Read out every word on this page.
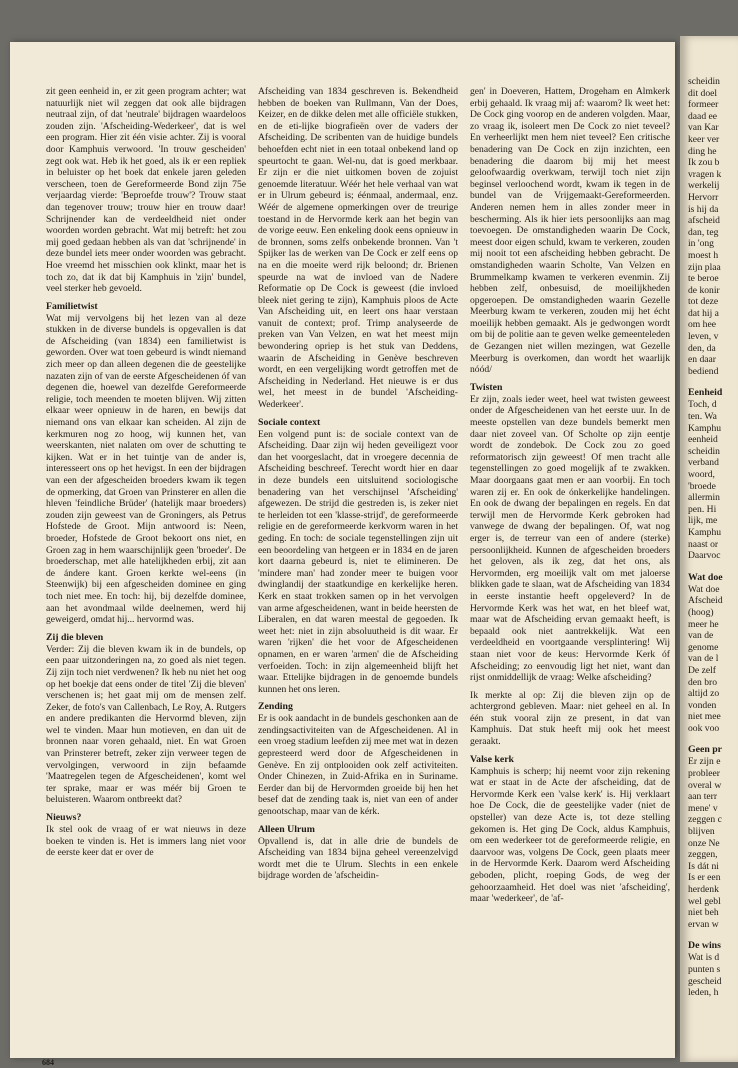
zit geen eenheid in, er zit geen program achter; wat natuurlijk niet wil zeggen dat ook alle bijdragen neutraal zijn, of dat 'neutrale' bijdragen waardeloos zouden zijn. 'Afscheiding-Wederkeer', dat is wel een program. Hier zit één visie achter. Zij is vooral door Kamphuis verwoord. 'In trouw gescheiden' zegt ook wat. Heb ik het goed, als ik er een repliek in beluister op het boek dat enkele jaren geleden verscheen, toen de Gereformeerde Bond zijn 75e verjaardag vierde: 'Beproefde trouw'? Trouw staat dan tegenover trouw; trouw hier en trouw daar! Schrijnender kan de verdeeldheid niet onder woorden worden gebracht. Wat mij betreft: het zou mij goed gedaan hebben als van dat 'schrijnende' in deze bundel iets meer onder woorden was gebracht. Hoe vreemd het misschien ook klinkt, maar het is toch zo, dat ik dat bij Kamphuis in 'zijn' bundel, veel sterker heb gevoeld.

Familietwist

Wat mij vervolgens bij het lezen van al deze stukken in de diverse bundels is opgevallen is dat de Afscheiding (van 1834) een familietwist is geworden. Over wat toen gebeurd is windt niemand zich meer op dan alleen degenen die de geestelijke nazaten zijn of van de eerste Afgescheidenen óf van degenen die, hoewel van dezelfde Gereformeerde religie, toch meenden te moeten blijven. Wij zitten elkaar weer opnieuw in de haren, en bewijs dat niemand ons van elkaar kan scheiden. Al zijn de kerkmuren nog zo hoog, wij kunnen het, van weerskanten, niet nalaten om over de schutting te kijken. Wat er in het tuintje van de ander is, interesseert ons op het hevigst. In een der bijdragen van een der afgescheiden broeders kwam ik tegen de opmerking, dat Groen van Prinsterer en allen die hleven 'feindliche Brüder' (hatelijk maar broeders) zouden zijn geweest van de Groningers, als Petrus Hofstede de Groot. Mijn antwoord is: Neen, broeder, Hofstede de Groot bekoort ons niet, en Groen zag in hem waarschijnlijk geen 'broeder'. De broederschap, met alle hatelijkheden erbij, zit aan de ándere kant. Groen kerkte wel-eens (in Steenwijk) bij een afgescheiden dominee en ging toch niet mee. En toch: hij, bij dezelfde dominee, aan het avondmaal wilde deelnemen, werd hij geweigerd, omdat hij... hervormd was.

Zij die bleven

Verder: Zij die bleven kwam ik in de bundels, op een paar uitzonderingen na, zo goed als niet tegen. Zij zijn toch niet verdwenen? Ik heb nu niet het oog op het boekje dat eens onder de titel 'Zij die bleven' verschenen is; het gaat mij om de mensen zelf. Zeker, de foto's van Callenbach, Le Roy, A. Rutgers en andere predikanten die Hervormd bleven, zijn wel te vinden. Maar hun motieven, en dan uit de bronnen naar voren gehaald, niet. En wat Groen van Prinsterer betreft, zeker zijn verweer tegen de vervolgingen, verwoord in zijn befaamde 'Maatregelen tegen de Afgescheidenen', komt wel ter sprake, maar er was méér bij Groen te beluisteren. Waarom ontbreekt dat?

Nieuws?

Ik stel ook de vraag of er wat nieuws in deze boeken te vinden is. Het is immers lang niet voor de eerste keer dat er over de

Afscheiding van 1834 geschreven is. Bekendheid hebben de boeken van Rullmann, Van der Does, Keizer, en de dikke delen met alle officiële stukken, en de eti-lijke biografieën over de vaders der Afscheiding. De scribenten van de huidige bundels behoefden echt niet in een totaal onbekend land op speurtocht te gaan. Wel-nu, dat is goed merkbaar. Er zijn er die niet uitkomen boven de zojuist genoemde literatuur. Wéér het hele verhaal van wat er in Ulrum gebeurd is; éénmaal, andermaal, enz. Wéér de algemene opmerkingen over de treurige toestand in de Hervormde kerk aan het begin van de vorige eeuw. Een enkeling dook eens opnieuw in de bronnen, soms zelfs onbekende bronnen. Van 't Spijker las de werken van De Cock er zelf eens op na en die moeite werd rijk beloond; dr. Brienen speurde na wat de invloed van de Nadere Reformatie op De Cock is geweest (die invloed bleek niet gering te zijn), Kamphuis ploos de Acte Van Afscheiding uit, en leert ons haar verstaan vanuit de context; prof. Trimp analyseerde de preken van Van Velzen, en wat het meest mijn bewondering opriep is het stuk van Deddens, waarin de Afscheiding in Genève beschreven wordt, en een vergelijking wordt getroffen met de Afscheiding in Nederland. Het nieuwe is er dus wel, het meest in de bundel 'Afscheiding-Wederkeer'.

Sociale context

Een volgend punt is: de sociale context van de Afscheiding. Daar zijn wij heden geveiligezt voor dan het voorgeslacht, dat in vroegere decennia de Afscheiding beschreef. Terecht wordt hier en daar in deze bundels een uitsluitend sociologische benadering van het verschijnsel 'Afscheiding' afgewezen. De strijd die gestreden is, is zeker niet te herleiden tot een 'klasse-strijd', de gereformeerde religie en de gereformeerde kerkvorm waren in het geding. En toch: de sociale tegenstellingen zijn uit een beoordeling van hetgeen er in 1834 en de jaren kort daarna gebeurd is, niet te elimineren. De 'mindere man' had zonder meer te buigen voor dwinglandij der staatkundige en kerkelijke heren. Kerk en staat trokken samen op in het vervolgen van arme afgescheidenen, want in beide heersten de Liberalen, en dat waren meestal de gegoeden. Ik weet het: niet in zijn absoluutheid is dit waar. Er waren 'rijken' die het voor de Afgescheidenen opnamen, en er waren 'armen' die de Afscheiding verfoeiden. Toch: in zijn algemeenheid blijft het waar. Ettelijke bijdragen in de genoemde bundels kunnen het ons leren.

Zending

Er is ook aandacht in de bundels geschonken aan de zendingsactiviteiten van de Afgescheidenen. Al in een vroeg stadium leefden zij mee met wat in dezen gepresteerd werd door de Afgescheidenen in Genève. En zij ontplooiden ook zelf activiteiten. Onder Chinezen, in Zuid-Afrika en in Suriname. Eerder dan bij de Hervormden groeide bij hen het besef dat de zending taak is, niet van een of ander genootschap, maar van de kérk.

Alleen Ulrum

Opvallend is, dat in alle drie de bundels de Afscheiding van 1834 bijna geheel vereenzelvigd wordt met die te Ulrum. Slechts in een enkele bijdrage worden de 'afscheidin-

gen' in Doeveren, Hattem, Drogeham en Almkerk erbij gehaald. Ik vraag mij af: waarom? Ik weet het: De Cock ging voorop en de anderen volgden. Maar, zo vraag ik, isoleert men De Cock zo niet teveel? En verheerlijkt men hem niet teveel? Een critische benadering van De Cock en zijn inzichten, een benadering die daarom bij mij het meest geloofwaardig overkwam, terwijl toch niet zijn beginsel verloochend wordt, kwam ik tegen in de bundel van de Vrijgemaakt-Gereformeerden. Anderen nemen hem in alles zonder meer in bescherming. Als ik hier iets persoonlijks aan mag toevoegen. De omstandigheden waarin De Cock, meest door eigen schuld, kwam te verkeren, zouden mij nooit tot een afscheiding hebben gebracht. De omstandigheden waarin Scholte, Van Velzen en Brummelkamp kwamen te verkeren evenmin. Zij hebben zelf, onbesuisd, de moeilijkheden opgeroepen. De omstandigheden waarin Gezelle Meerburg kwam te verkeren, zouden mij het écht moeilijk hebben gemaakt. Als je gedwongen wordt om bij de politie aan te geven welke gemeenteleden de Gezangen niet willen mezingen, wat Gezelle Meerburg is overkomen, dan wordt het waarlijk nóód/

Twisten

Er zijn, zoals ieder weet, heel wat twisten geweest onder de Afgescheidenen van het eerste uur. In de meeste opstellen van deze bundels bemerkt men daar niet zoveel van. Of Scholte op zijn eentje wordt de zondebok. De Cock zou zo goed reformatorisch zijn geweest! Of men tracht alle tegenstellingen zo goed mogelijk af te zwakken. Maar doorgaans gaat men er aan voorbij. En toch waren zij er. En ook de ónkerkelijke handelingen. En ook de dwang der bepalingen en regels. En dat terwijl men de Hervormde Kerk gebroken had vanwege de dwang der bepalingen. Of, wat nog erger is, de terreur van een of andere (sterke) persoonlijkheid. Kunnen de afgescheiden broeders het geloven, als ik zeg, dat het ons, als Hervormden, erg moeilijk valt om met jaloerse blikken gade te slaan, wat de Afscheiding van 1834 in eerste instantie heeft opgeleverd? In de Hervormde Kerk was het wat, en het bleef wat, maar wat de Afscheiding ervan gemaakt heeft, is bepaald ook niet aantrekkelijk. Wat een verdeeldheid en voortgaande versplintering! Wij staan niet voor de keus: Hervormde Kerk óf Afscheiding; zo eenvoudig ligt het niet, want dan rijst onmiddellijk de vraag: Welke afscheiding?

Ik merkte al op: Zij die bleven zijn op de achtergrond gebleven. Maar: niet geheel en al. In één stuk vooral zijn ze present, in dat van Kamphuis. Dat stuk heeft mij ook het meest geraakt.

Valse kerk

Kamphuis is scherp; hij neemt voor zijn rekening wat er staat in de Acte der afscheiding, dat de Hervormde Kerk een 'valse kerk' is. Hij verklaart hoe De Cock, die de geestelijke vader (niet de opsteller) van deze Acte is, tot deze stelling gekomen is. Het ging De Cock, aldus Kamphuis, om een wederkeer tot de gereformeerde religie, en daarvoor was, volgens De Cock, geen plaats meer in de Hervormde Kerk. Daarom werd Afscheiding geboden, plicht, roeping Gods, de weg der gehoorzaamheid. Het doel was niet 'afscheiding', maar 'wederkeer', de 'af-

684

scheidin

dit doel

formeer

daad ee

van Kar

keer ver

ding he

Ik zou b

vragen k

werkelij

Hervorr

is hij da

afscheid

dan, teg

in 'ong

moest h

zijn plaa

te beroe

de konir

tot deze

dat hij a

om hee

leven, v

den, da

en daar

bediend

Eenheid

Toch, d

ten. Wa

Kamphu

eenheid

scheidin

verband

woord,

'broede

allermin

pen. Hi

lijk, me

Kamphu

naast or

Daarvoc

Wat doe

Wat doe

Afscheid

(hoog)

meer he

van de

genome

van de l

De zelf

den bro

altijd zo

vonden

niet mee

ook voo

Geen pr

Er zijn e

probleer

overal w

aan terr

mene' v

zeggen c

blijven

onze Ne

zeggen,

Is dát ni

Is er een

herdenk

wel gebl

niet beh

ervan w

De wins

Wat is d

punten s

gescheid

leden, h
